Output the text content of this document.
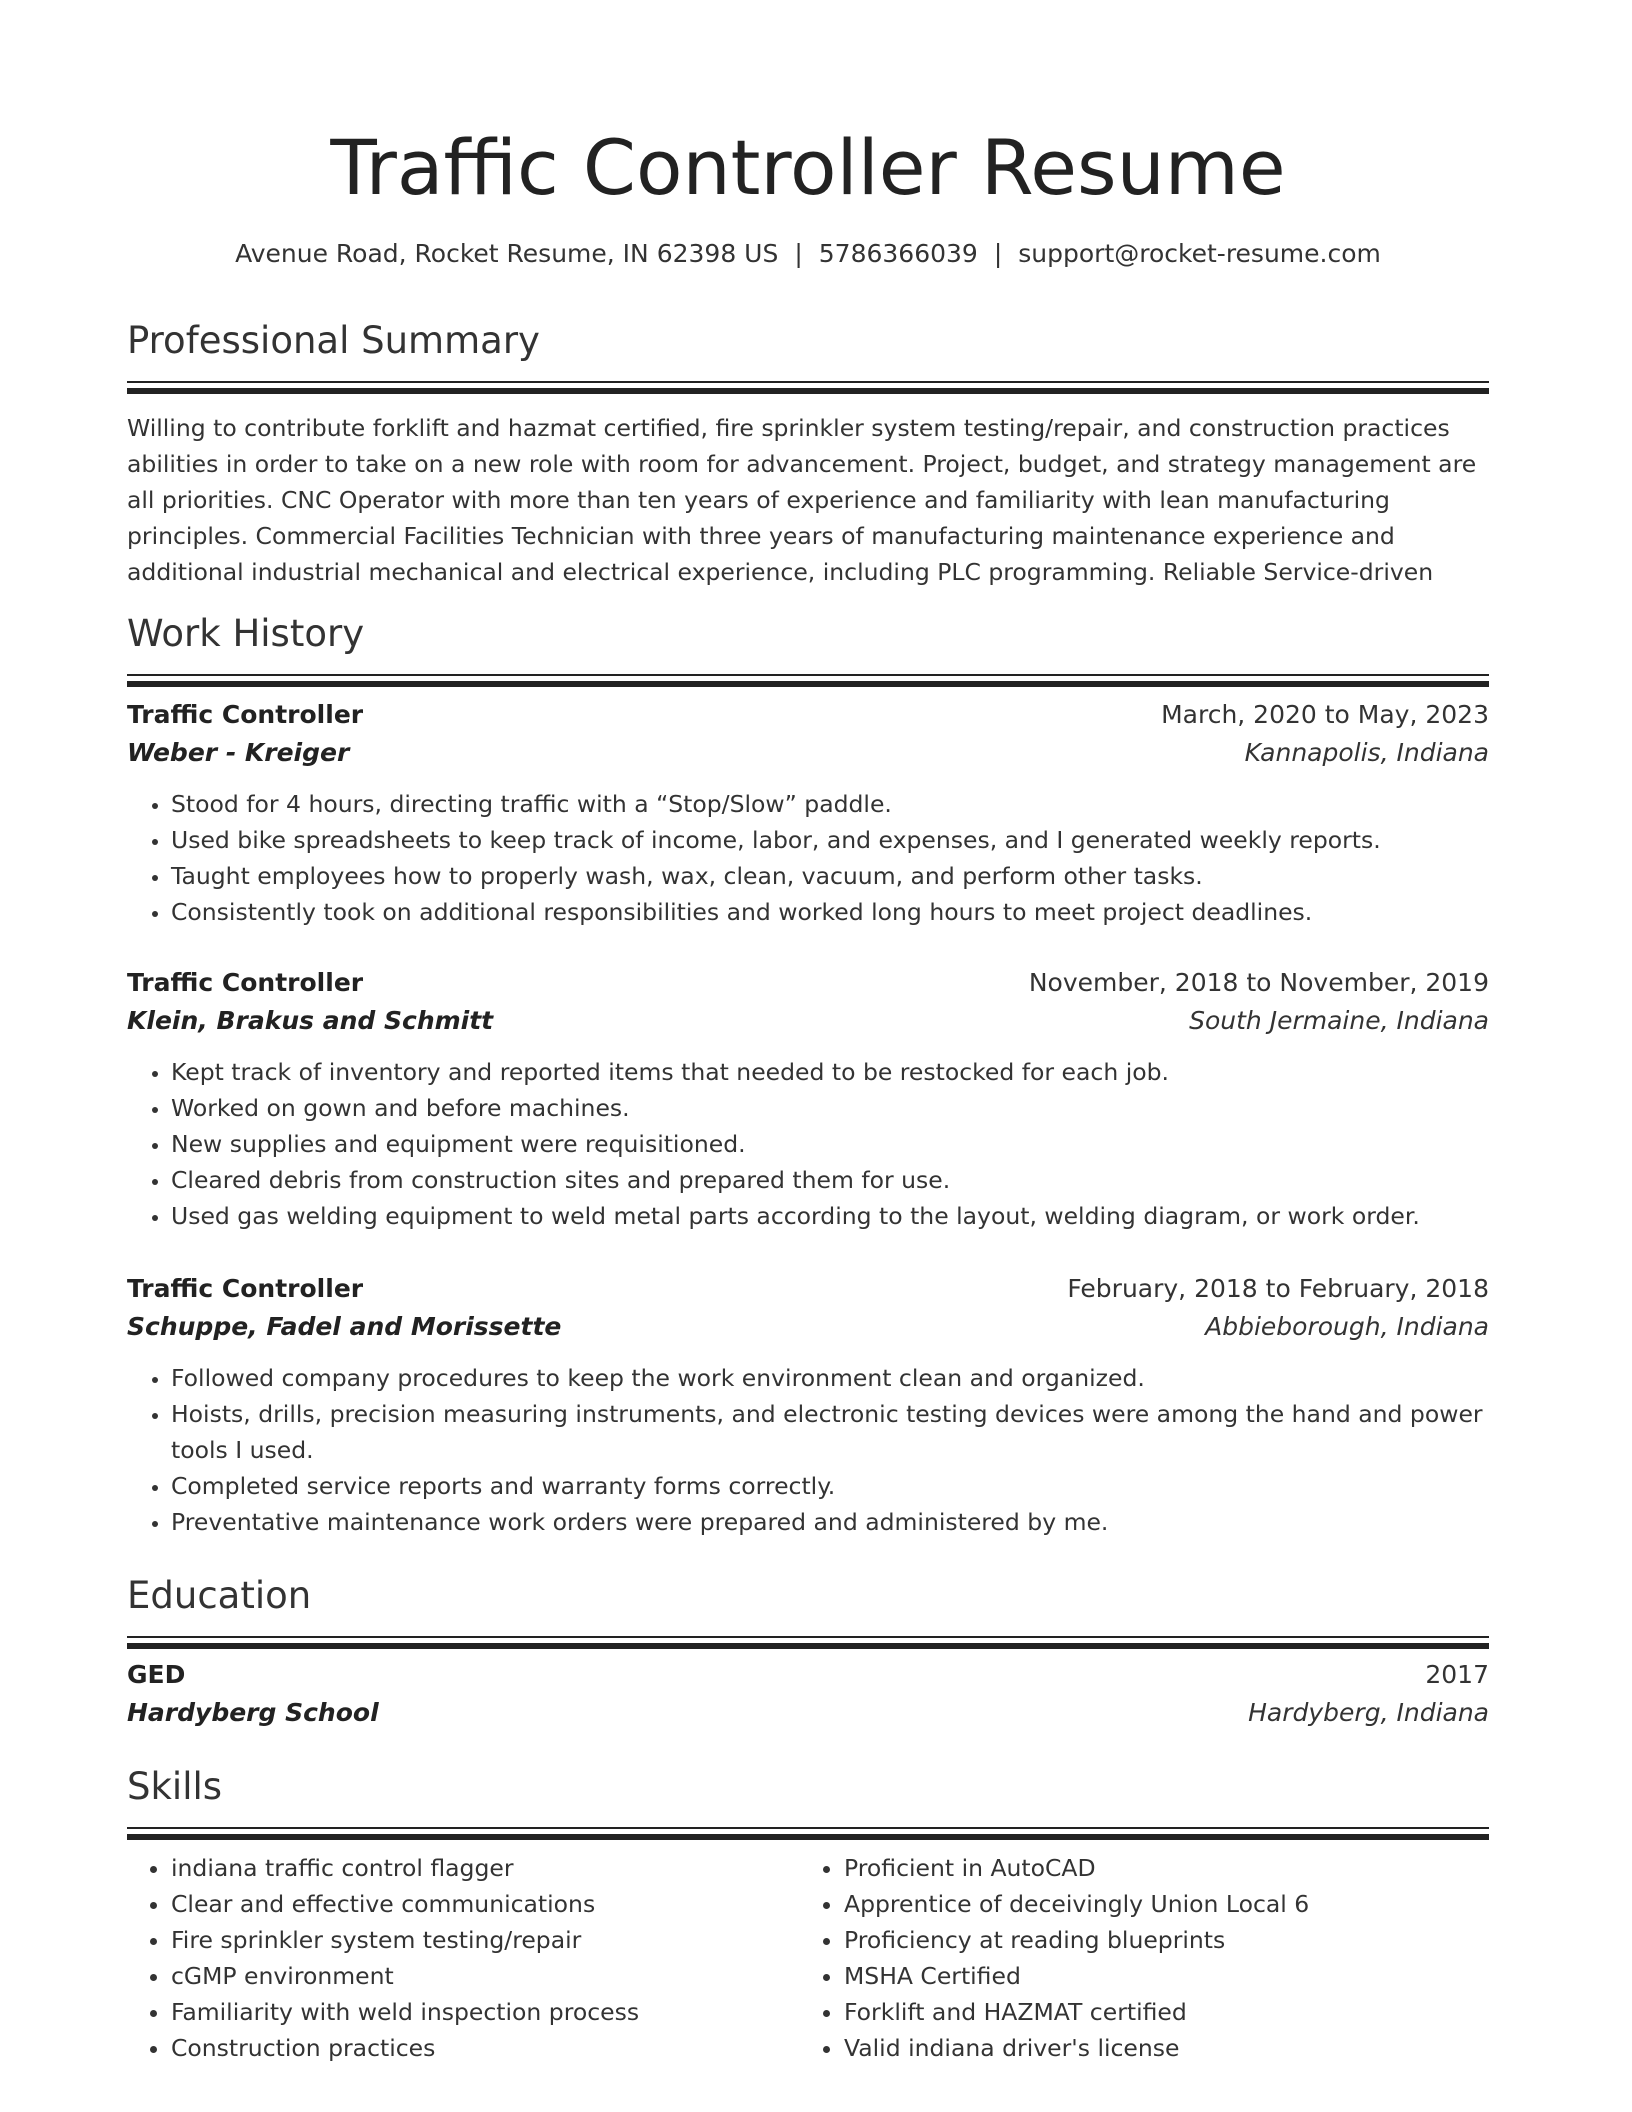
Traffic Controller Resume
Avenue Road, Rocket Resume, IN 62398 US | 5786366039 | support@rocket-resume.com
Professional Summary
Willing to contribute forklift and hazmat certified, fire sprinkler system testing/repair, and construction practices abilities in order to take on a new role with room for advancement. Project, budget, and strategy management are all priorities. CNC Operator with more than ten years of experience and familiarity with lean manufacturing principles. Commercial Facilities Technician with three years of manufacturing maintenance experience and additional industrial mechanical and electrical experience, including PLC programming. Reliable Service-driven
Work History
Traffic Controller	March, 2020 to May, 2023
Weber - Kreiger	Kannapolis, Indiana
• Stood for 4 hours, directing traffic with a “Stop/Slow” paddle.
• Used bike spreadsheets to keep track of income, labor, and expenses, and I generated weekly reports.
• Taught employees how to properly wash, wax, clean, vacuum, and perform other tasks.
• Consistently took on additional responsibilities and worked long hours to meet project deadlines.
Traffic Controller	November, 2018 to November, 2019
Klein, Brakus and Schmitt	South Jermaine, Indiana
• Kept track of inventory and reported items that needed to be restocked for each job.
• Worked on gown and before machines.
• New supplies and equipment were requisitioned.
• Cleared debris from construction sites and prepared them for use.
• Used gas welding equipment to weld metal parts according to the layout, welding diagram, or work order.
Traffic Controller	February, 2018 to February, 2018
Schuppe, Fadel and Morissette	Abbieborough, Indiana
• Followed company procedures to keep the work environment clean and organized.
• Hoists, drills, precision measuring instruments, and electronic testing devices were among the hand and power tools I used.
• Completed service reports and warranty forms correctly.
• Preventative maintenance work orders were prepared and administered by me.
Education
GED	2017
Hardyberg School	Hardyberg, Indiana
Skills
• indiana traffic control flagger
• Clear and effective communications
• Fire sprinkler system testing/repair
• cGMP environment
• Familiarity with weld inspection process
• Construction practices
• Proficient in AutoCAD
• Apprentice of deceivingly Union Local 6
• Proficiency at reading blueprints
• MSHA Certified
• Forklift and HAZMAT certified
• Valid indiana driver's license
